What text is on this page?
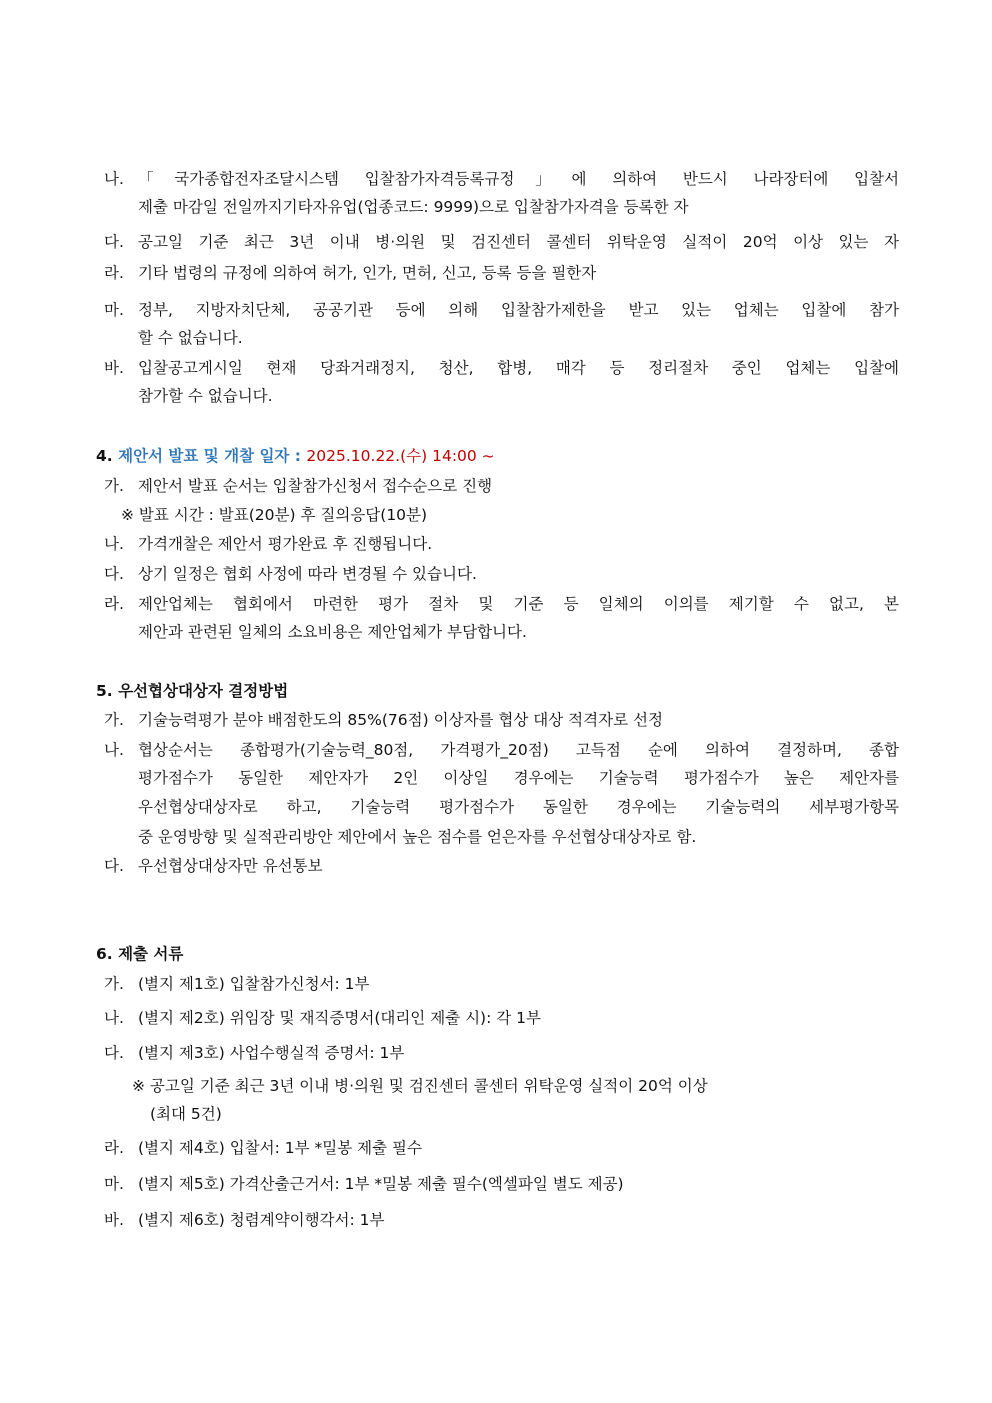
나. 「국가종합전자조달시스템 입찰참가자격등록규정」에 의하여 반드시 나라장터에 입찰서
제출 마감일 전일까지기타자유업(업종코드: 9999)으로 입찰참가자격을 등록한 자
다. 공고일 기준 최근 3년 이내 병·의원 및 검진센터 콜센터 위탁운영 실적이 20억 이상 있는 자
라. 기타 법령의 규정에 의하여 허가, 인가, 면허, 신고, 등록 등을 필한자
마. 정부, 지방자치단체, 공공기관 등에 의해 입찰참가제한을 받고 있는 업체는 입찰에 참가
할 수 없습니다.
바. 입찰공고게시일 현재 당좌거래정지, 청산, 합병, 매각 등 정리절차 중인 업체는 입찰에
참가할 수 없습니다.
4. 제안서 발표 및 개찰 일자 : 2025.10.22.(수) 14:00 ~
가. 제안서 발표 순서는 입찰참가신청서 접수순으로 진행
※ 발표 시간 : 발표(20분) 후 질의응답(10분)
나. 가격개찰은 제안서 평가완료 후 진행됩니다.
다. 상기 일정은 협회 사정에 따라 변경될 수 있습니다.
라. 제안업체는 협회에서 마련한 평가 절차 및 기준 등 일체의 이의를 제기할 수 없고, 본
제안과 관련된 일체의 소요비용은 제안업체가 부담합니다.
5. 우선협상대상자 결정방법
가. 기술능력평가 분야 배점한도의 85%(76점) 이상자를 협상 대상 적격자로 선정
나. 협상순서는 종합평가(기술능력_80점, 가격평가_20점) 고득점 순에 의하여 결정하며, 종합
평가점수가 동일한 제안자가 2인 이상일 경우에는 기술능력 평가점수가 높은 제안자를
우선협상대상자로 하고, 기술능력 평가점수가 동일한 경우에는 기술능력의 세부평가항목
중 운영방향 및 실적관리방안 제안에서 높은 점수를 얻은자를 우선협상대상자로 함.
다. 우선협상대상자만 유선통보
6. 제출 서류
가. (별지 제1호) 입찰참가신청서: 1부
나. (별지 제2호) 위임장 및 재직증명서(대리인 제출 시): 각 1부
다. (별지 제3호) 사업수행실적 증명서: 1부
※ 공고일 기준 최근 3년 이내 병·의원 및 검진센터 콜센터 위탁운영 실적이 20억 이상
(최대 5건)
라. (별지 제4호) 입찰서: 1부 *밀봉 제출 필수
마. (별지 제5호) 가격산출근거서: 1부 *밀봉 제출 필수(엑셀파일 별도 제공)
바. (별지 제6호) 청렴계약이행각서: 1부
